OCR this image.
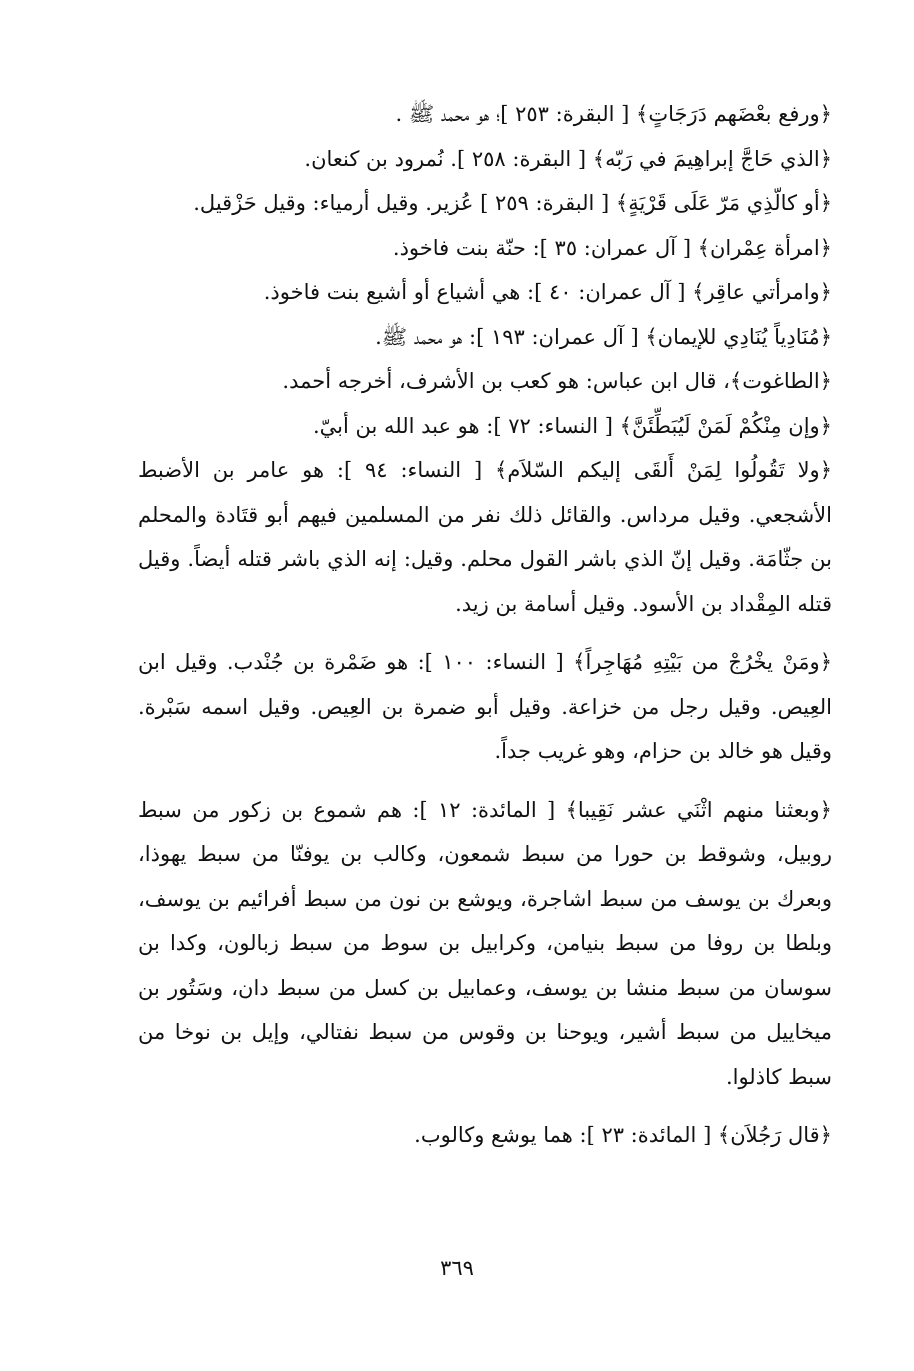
﴿ورفع بعْضَهم دَرَجَاتٍ﴾ [ البقرة: ٢٥٣ ]؛ هو محمد ﷺ .

﴿الذي حَاجَّ إبراهِيمَ في رَبّه﴾ [ البقرة: ٢٥٨ ]. نُمرود بن كنعان.

﴿أو كالّذِي مَرّ عَلَى قَرْيَةٍ﴾ [ البقرة: ٢٥٩ ] عُزير. وقيل أرمياء: وقيل حَزْقيل.

﴿امرأة عِمْران﴾ [ آل عمران: ٣٥ ]: حنّة بنت فاخوذ.

﴿وامرأتي عاقِر﴾ [ آل عمران: ٤٠ ]: هي أشياع أو أشيع بنت فاخوذ.

﴿مُنَادِياً يُنَادِي للإيمان﴾ [ آل عمران: ١٩٣ ]: هو محمد ﷺ.

﴿الطاغوت﴾، قال ابن عباس: هو كعب بن الأشرف، أخرجه أحمد.

﴿وإن مِنْكُمْ لَمَنْ لَيُبَطِّئَنَّ﴾ [ النساء: ٧٢ ]: هو عبد الله بن أبيّ.

﴿ولا تَقُولُوا لِمَنْ أَلقَى إليكم السّلاَم﴾ [ النساء: ٩٤ ]: هو عامر بن الأضبط الأشجعي. وقيل مرداس. والقائل ذلك نفر من المسلمين فيهم أبو قتَادة والمحلم بن جثّامَة. وقيل إنّ الذي باشر القول محلم. وقيل: إنه الذي باشر قتله أيضاً. وقيل قتله المِقْداد بن الأسود. وقيل أسامة بن زيد.

﴿ومَنْ يخْرُجْ من بَيْتِهِ مُهَاجِراً﴾ [ النساء: ١٠٠ ]: هو ضَمْرة بن جُنْدب. وقيل ابن العِيص. وقيل رجل من خزاعة. وقيل أبو ضمرة بن العِيص. وقيل اسمه سَبْرة. وقيل هو خالد بن حزام، وهو غريب جداً.

﴿وبعثنا منهم اثْنَي عشر نَقِيبا﴾ [ المائدة: ١٢ ]: هم شموع بن زكور من سبط روبيل، وشوقط بن حورا من سبط شمعون، وكالب بن يوفنّا من سبط يهوذا، وبعرك بن يوسف من سبط اشاجرة، ويوشع بن نون من سبط أفرائيم بن يوسف، وبلطا بن روفا من سبط بنيامن، وكرابيل بن سوط من سبط زبالون، وكدا بن سوسان من سبط منشا بن يوسف، وعمابيل بن كسل من سبط دان، وسَتُور بن ميخاييل من سبط أشير، ويوحنا بن وقوس من سبط نفتالي، وإيل بن نوخا من سبط كاذلوا.

﴿قال رَجُلاَن﴾ [ المائدة: ٢٣ ]: هما يوشع وكالوب.

٣٦٩
